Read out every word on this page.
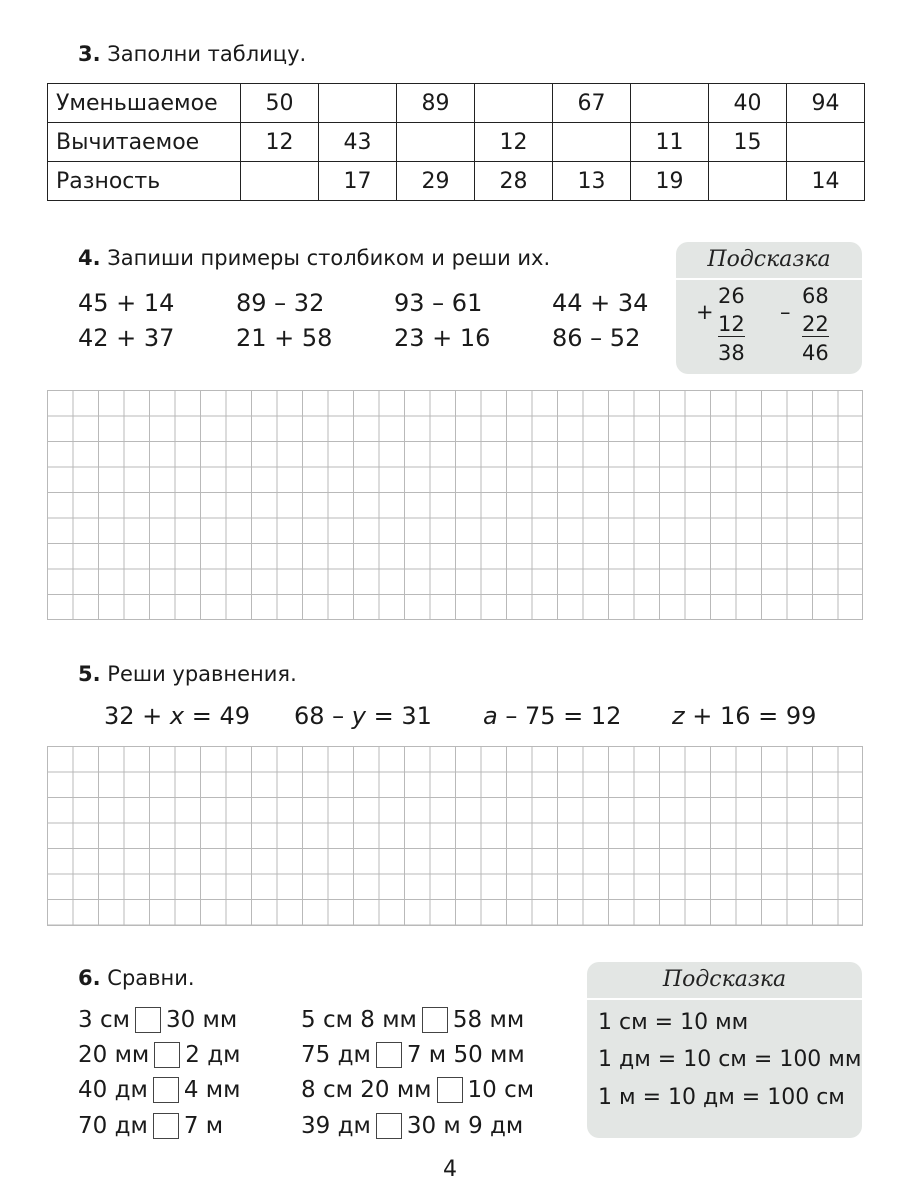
3. Заполни таблицу.
Уменьшаемое	50		89		67		40	94
Вычитаемое	12	43		12		11	15	
Разность		17	29	28	13	19		14
4. Запиши примеры столбиком и реши их.
45 + 14	89 – 32	93 – 61	44 + 34
42 + 37	21 + 58	23 + 16	86 – 52
Подсказка
+
26
12
38
–
68
22
46
5. Реши уравнения.
32 + x = 49 68 – y = 31 a – 75 = 12 z + 16 = 99
6. Сравни.
3 см 30 мм
20 мм 2 дм
40 дм 4 мм
70 дм 7 м
5 см 8 мм 58 мм
75 дм 7 м 50 мм
8 см 20 мм 10 см
39 дм 30 м 9 дм
Подсказка
1 см = 10 мм
1 дм = 10 см = 100 мм
1 м = 10 дм = 100 см
4
